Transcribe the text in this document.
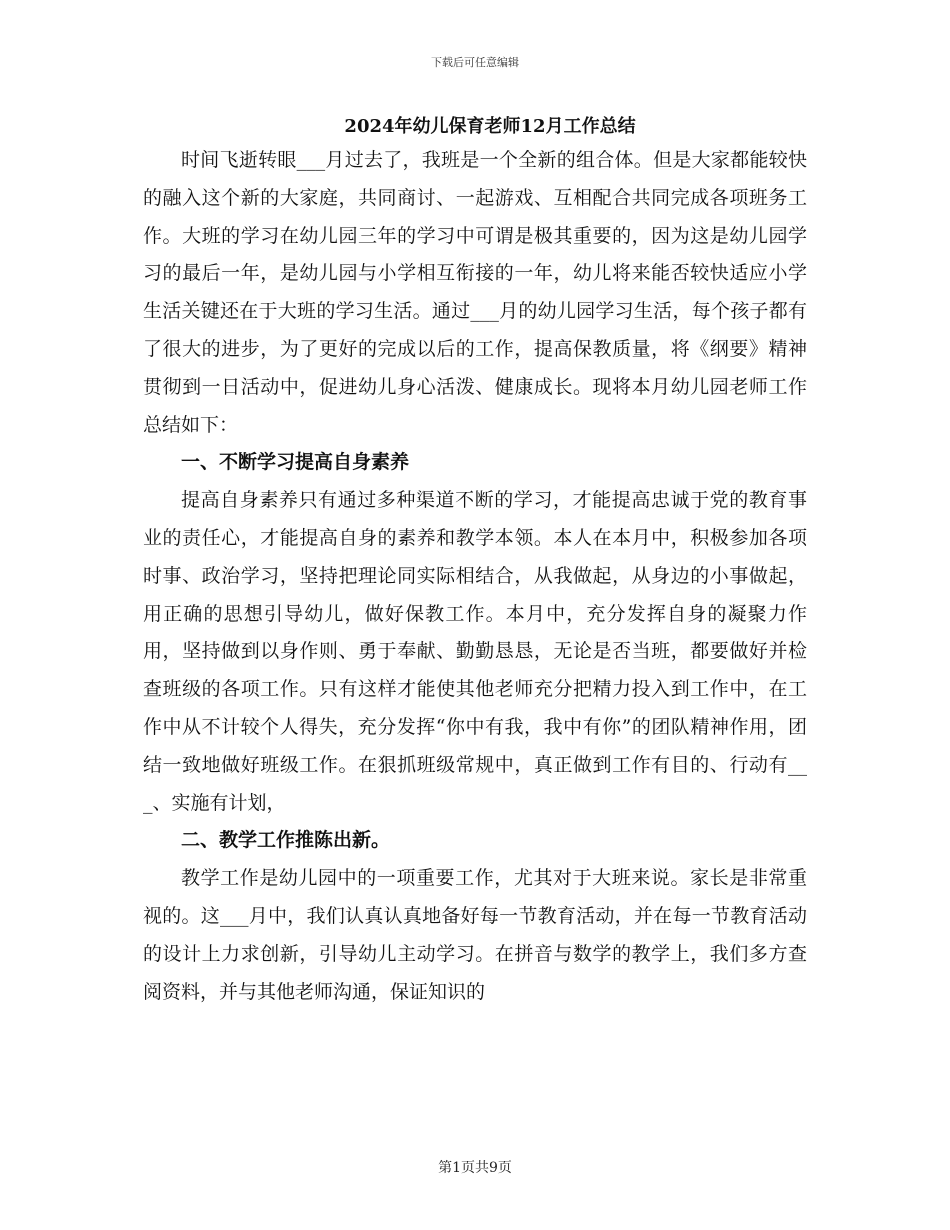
下载后可任意编辑
2024年幼儿保育老师12月工作总结

时间飞逝转眼___月过去了，我班是一个全新的组合体。但是大家都能较快的融入这个新的大家庭，共同商讨、一起游戏、互相配合共同完成各项班务工作。大班的学习在幼儿园三年的学习中可谓是极其重要的，因为这是幼儿园学习的最后一年，是幼儿园与小学相互衔接的一年，幼儿将来能否较快适应小学生活关键还在于大班的学习生活。通过___月的幼儿园学习生活，每个孩子都有了很大的进步，为了更好的完成以后的工作，提高保教质量，将《纲要》精神贯彻到一日活动中，促进幼儿身心活泼、健康成长。现将本月幼儿园老师工作总结如下：

一、不断学习提高自身素养

提高自身素养只有通过多种渠道不断的学习，才能提高忠诚于党的教育事业的责任心，才能提高自身的素养和教学本领。本人在本月中，积极参加各项时事、政治学习，坚持把理论同实际相结合，从我做起，从身边的小事做起，用正确的思想引导幼儿，做好保教工作。本月中，充分发挥自身的凝聚力作用，坚持做到以身作则、勇于奉献、勤勤恳恳，无论是否当班，都要做好并检查班级的各项工作。只有这样才能使其他老师充分把精力投入到工作中，在工作中从不计较个人得失，充分发挥“你中有我，我中有你”的团队精神作用，团结一致地做好班级工作。在狠抓班级常规中，真正做到工作有目的、行动有___、实施有计划，

二、教学工作推陈出新。

教学工作是幼儿园中的一项重要工作，尤其对于大班来说。家长是非常重视的。这___月中，我们认真认真地备好每一节教育活动，并在每一节教育活动的设计上力求创新，引导幼儿主动学习。在拼音与数学的教学上，我们多方查阅资料，并与其他老师沟通，保证知识的

第1页共9页
